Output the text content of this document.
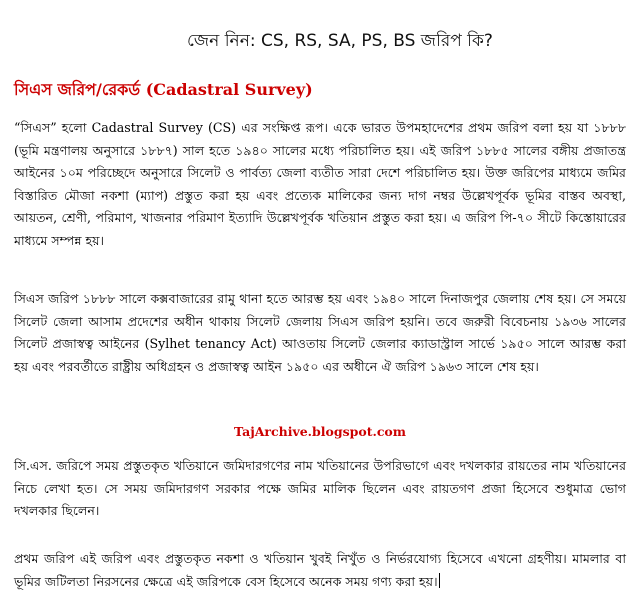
জেন নিন: CS, RS, SA, PS, BS জরিপ কি?
সিএস জরিপ/রেকর্ড (Cadastral Survey)
“সিএস” হলো Cadastral Survey (CS) এর সংক্ষিপ্ত রূপ। একে ভারত উপমহাদেশের প্রথম জরিপ বলা হয় যা ১৮৮৮ (ভূমি মন্ত্রণালয় অনুসারে ১৮৮৭) সাল হতে ১৯৪০ সালের মধ্যে পরিচালিত হয়। এই জরিপ ১৮৮৫ সালের বঙ্গীয় প্রজাতন্ত্র আইনের ১০ম পরিচ্ছেদে অনুসারে সিলেট ও পার্বত্য জেলা ব্যতীত সারা দেশে পরিচালিত হয়। উক্ত জরিপের মাধ্যমে জমির বিস্তারিত মৌজা নকশা (ম্যাপ) প্রস্তুত করা হয় এবং প্রত্যেক মালিকের জন্য দাগ নম্বর উল্লেখপূর্বক ভূমির বাস্তব অবস্থা, আয়তন, শ্রেণী, পরিমাণ, খাজনার পরিমাণ ইত্যাদি উল্লেখপূর্বক খতিয়ান প্রস্তুত করা হয়। এ জরিপ পি-৭০ সীটে কিস্তোয়ারের মাধ্যমে সম্পন্ন হয়।
সিএস জরিপ ১৮৮৮ সালে কক্সবাজারের রামু থানা হতে আরম্ভ হয় এবং ১৯৪০ সালে দিনাজপুর জেলায় শেষ হয়। সে সময়ে সিলেট জেলা আসাম প্রদেশের অধীন থাকায় সিলেট জেলায় সিএস জরিপ হয়নি। তবে জরুরী বিবেচনায় ১৯৩৬ সালের সিলেট প্রজাস্বত্ব আইনের (Sylhet tenancy Act) আওতায় সিলেট জেলার ক্যাডাস্ট্রাল সার্ভে ১৯৫০ সালে আরম্ভ করা হয় এবং পরবর্তীতে রাষ্ট্রীয় অধিগ্রহন ও প্রজাস্বত্ব আইন ১৯৫০ এর অধীনে ঐ জরিপ ১৯৬৩ সালে শেষ হয়।
TajArchive.blogspot.com
সি.এস. জরিপে সময় প্রস্তুতকৃত খতিয়ানে জমিদারগণের নাম খতিয়ানের উপরিভাগে এবং দখলকার রায়তের নাম খতিয়ানের নিচে লেখা হত। সে সময় জমিদারগণ সরকার পক্ষে জমির মালিক ছিলেন এবং রায়তগণ প্রজা হিসেবে শুধুমাত্র ভোগ দখলকার ছিলেন।
প্রথম জরিপ এই জরিপ এবং প্রস্তুতকৃত নকশা ও খতিয়ান খুবই নিখুঁত ও নির্ভরযোগ্য হিসেবে এখনো গ্রহণীয়। মামলার বা ভূমির জটিলতা নিরসনের ক্ষেত্রে এই জরিপকে বেস হিসেবে অনেক সময় গণ্য করা হয়।
